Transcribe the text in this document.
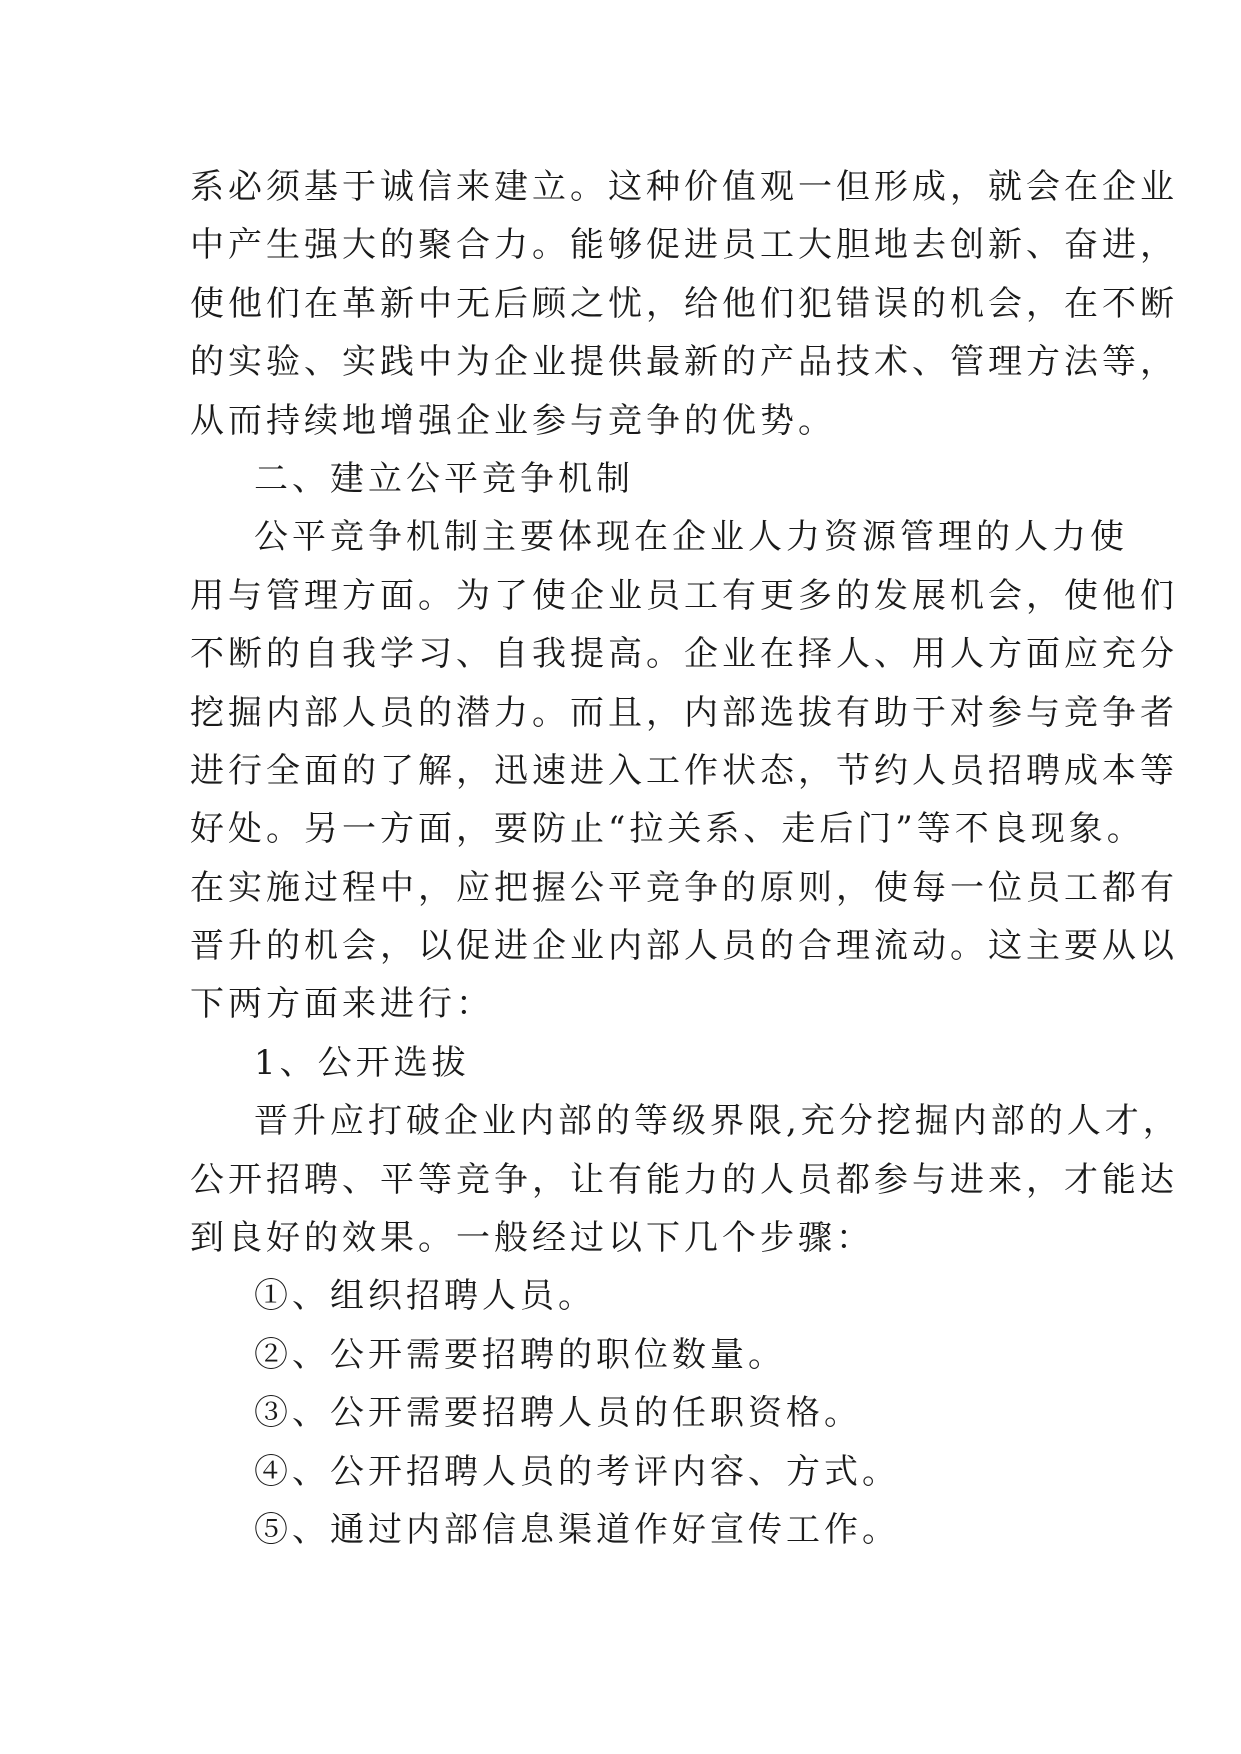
系必须基于诚信来建立。这种价值观一但形成，就会在企业
中产生强大的聚合力。能够促进员工大胆地去创新、奋进，
使他们在革新中无后顾之忧，给他们犯错误的机会，在不断
的实验、实践中为企业提供最新的产品技术、管理方法等，
从而持续地增强企业参与竞争的优势。
二、建立公平竞争机制
公平竞争机制主要体现在企业人力资源管理的人力使
用与管理方面。为了使企业员工有更多的发展机会，使他们
不断的自我学习、自我提高。企业在择人、用人方面应充分
挖掘内部人员的潜力。而且，内部选拔有助于对参与竞争者
进行全面的了解，迅速进入工作状态，节约人员招聘成本等
好处。另一方面，要防止“拉关系、走后门”等不良现象。
在实施过程中，应把握公平竞争的原则，使每一位员工都有
晋升的机会，以促进企业内部人员的合理流动。这主要从以
下两方面来进行：
1、公开选拔
晋升应打破企业内部的等级界限,充分挖掘内部的人才，
公开招聘、平等竞争，让有能力的人员都参与进来，才能达
到良好的效果。一般经过以下几个步骤：
①、组织招聘人员。
②、公开需要招聘的职位数量。
③、公开需要招聘人员的任职资格。
④、公开招聘人员的考评内容、方式。
⑤、通过内部信息渠道作好宣传工作。
